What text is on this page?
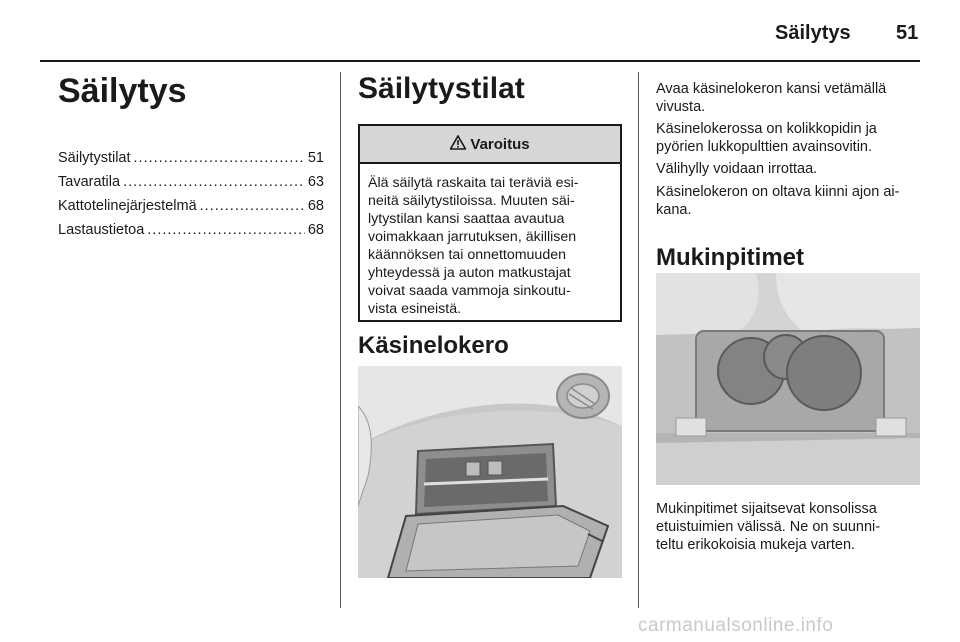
Säilytys 51
Säilytys
Säilytystilat .....	51
Tavaratila .....	63
Kattotelinejärjestelmä .....	68
Lastaustietoa .....	68
Säilytystilat
Varoitus
Älä säilytä raskaita tai teräviä esi-
neitä säilytystiloissa. Muuten säi-
lytystilan kansi saattaa avautua
voimakkaan jarrutuksen, äkillisen
käännöksen tai onnettomuuden
yhteydessä ja auton matkustajat
voivat saada vammoja sinkoutu-
vista esineistä.
Käsinelokero
Avaa käsinelokeron kansi vetämällä
vivusta.
Käsinelokerossa on kolikkopidin ja
pyörien lukkopulttien avainsovitin.
Välihylly voidaan irrottaa.
Käsinelokeron on oltava kiinni ajon ai-
kana.
Mukinpitimet
Mukinpitimet sijaitsevat konsolissa
etuistuimien välissä. Ne on suunni-
teltu erikokoisia mukeja varten.
carmanualsonline.info
